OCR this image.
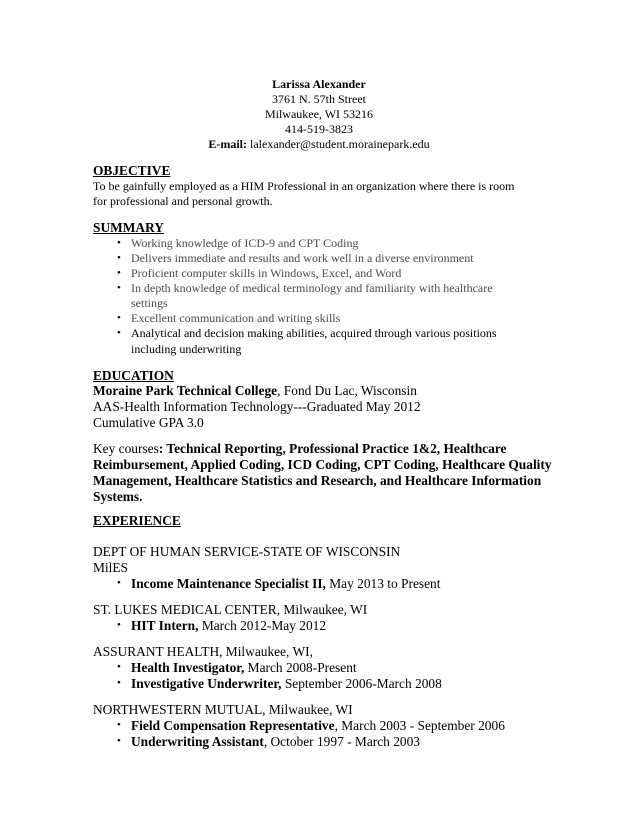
Larissa Alexander
3761 N. 57th Street
Milwaukee, WI 53216
414-519-3823
E-mail: lalexander@student.morainepark.edu
OBJECTIVE
To be gainfully employed as a HIM Professional in an organization where there is room
for professional and personal growth.
SUMMARY
• Working knowledge of ICD-9 and CPT Coding
• Delivers immediate and results and work well in a diverse environment
• Proficient computer skills in Windows, Excel, and Word
• In depth knowledge of medical terminology and familiarity with healthcare
settings
• Excellent communication and writing skills
• Analytical and decision making abilities, acquired through various positions
including underwriting
EDUCATION
Moraine Park Technical College, Fond Du Lac, Wisconsin
AAS-Health Information Technology---Graduated May 2012
Cumulative GPA 3.0
Key courses: Technical Reporting, Professional Practice 1&2, Healthcare
Reimbursement, Applied Coding, ICD Coding, CPT Coding, Healthcare Quality
Management, Healthcare Statistics and Research, and Healthcare Information
Systems.
EXPERIENCE
DEPT OF HUMAN SERVICE-STATE OF WISCONSIN
MilES
• Income Maintenance Specialist II, May 2013 to Present
ST. LUKES MEDICAL CENTER, Milwaukee, WI
• HIT Intern, March 2012-May 2012
ASSURANT HEALTH, Milwaukee, WI,
• Health Investigator, March 2008-Present
• Investigative Underwriter, September 2006-March 2008
NORTHWESTERN MUTUAL, Milwaukee, WI
• Field Compensation Representative, March 2003 - September 2006
• Underwriting Assistant, October 1997 - March 2003
